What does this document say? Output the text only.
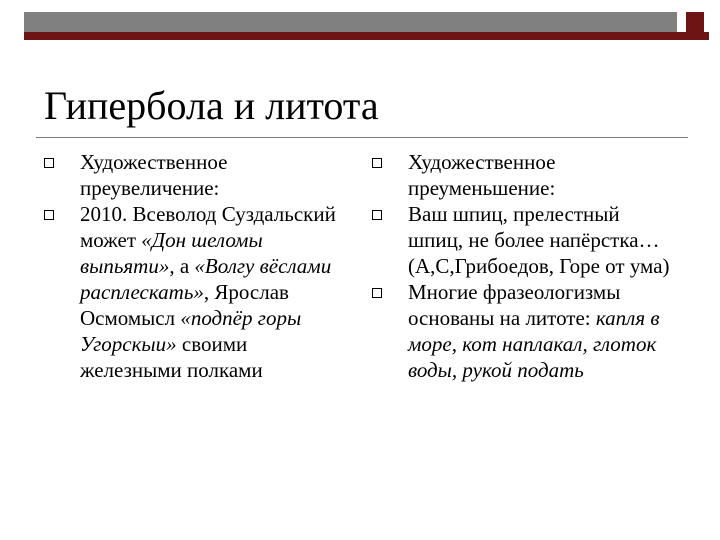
Гипербола и литота

Художественное преувеличение:

2010. Всеволод Суздальский может «Дон шеломы выпьяти», а «Волгу вёслами расплескать», Ярослав Осмомысл «подпёр горы Угорскыи» своими железными полками

Художественное преуменьшение:

Ваш шпиц, прелестный шпиц, не более напёрстка… (А,С,Грибоедов, Горе от ума)

Многие фразеологизмы основаны на литоте: капля в море, кот наплакал, глоток воды, рукой подать
